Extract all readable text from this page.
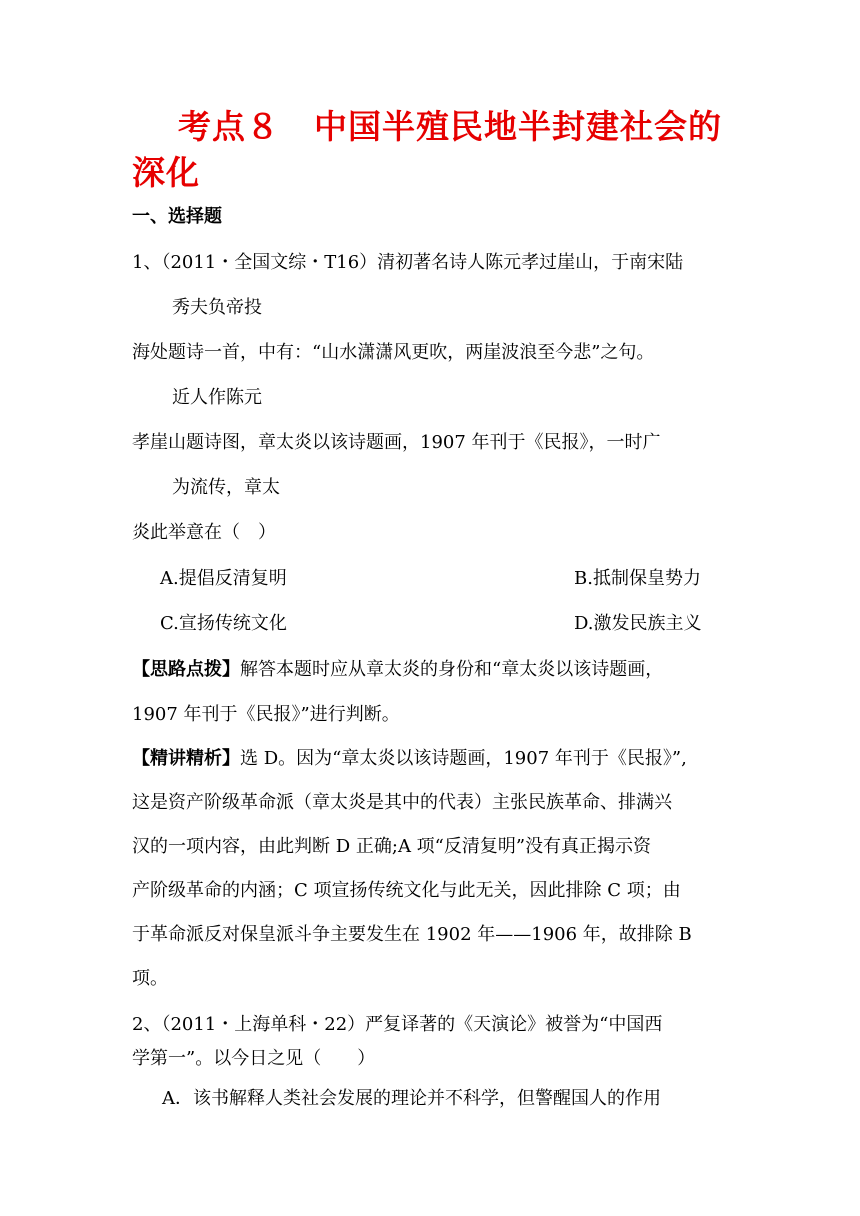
考点８　中国半殖民地半封建社会的深化
一、选择题
1、（2011・全国文综・T16）清初著名诗人陈元孝过崖山，于南宋陆
秀夫负帝投
海处题诗一首，中有：“山水潇潇风更吹，两崖波浪至今悲”之句。
近人作陈元
孝崖山题诗图，章太炎以该诗题画，1907 年刊于《民报》，一时广
为流传，章太
炎此举意在（　）
A.提倡反清复明	B.抵制保皇势力
C.宣扬传统文化	D.激发民族主义
【思路点拨】解答本题时应从章太炎的身份和“章太炎以该诗题画，
1907 年刊于《民报》”进行判断。
【精讲精析】选 D。因为“章太炎以该诗题画，1907 年刊于《民报》”,
这是资产阶级革命派（章太炎是其中的代表）主张民族革命、排满兴
汉的一项内容，由此判断 D 正确;A 项“反清复明”没有真正揭示资
产阶级革命的内涵；C 项宣扬传统文化与此无关，因此排除 C 项；由
于革命派反对保皇派斗争主要发生在 1902 年——1906 年，故排除 B
项。
2、（2011・上海单科・22）严复译著的《天演论》被誉为“中国西
学第一”。以今日之见（　　）
A．该书解释人类社会发展的理论并不科学，但警醒国人的作用
